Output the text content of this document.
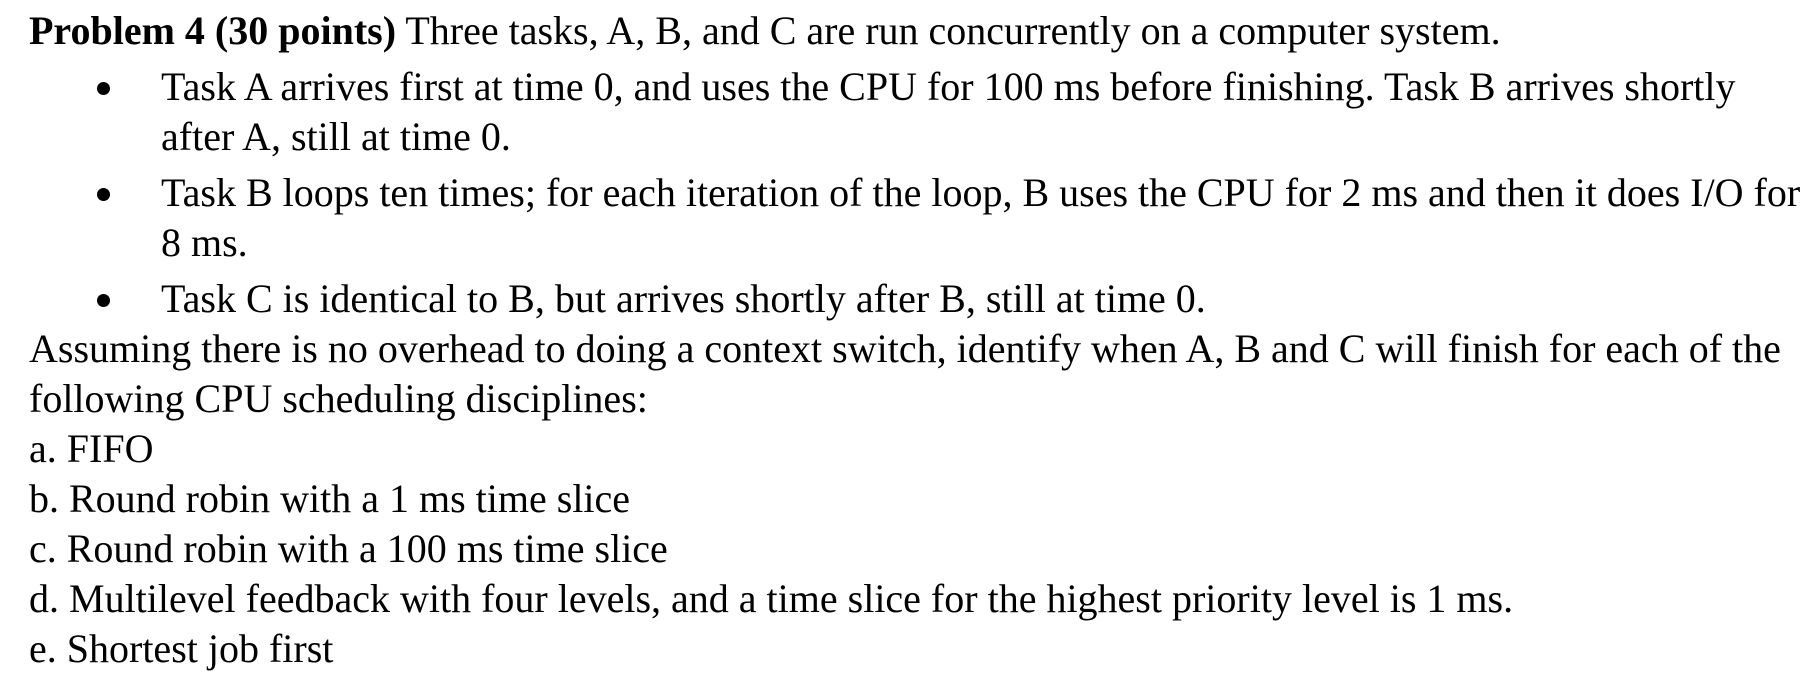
Problem 4 (30 points) Three tasks, A, B, and C are run concurrently on a computer system.
Task A arrives first at time 0, and uses the CPU for 100 ms before finishing. Task B arrives shortly after A, still at time 0.
Task B loops ten times; for each iteration of the loop, B uses the CPU for 2 ms and then it does I/O for 8 ms.
Task C is identical to B, but arrives shortly after B, still at time 0.

Assuming there is no overhead to doing a context switch, identify when A, B and C will finish for each of the following CPU scheduling disciplines:

a. FIFO
b. Round robin with a 1 ms time slice
c. Round robin with a 100 ms time slice
d. Multilevel feedback with four levels, and a time slice for the highest priority level is 1 ms.
e. Shortest job first
